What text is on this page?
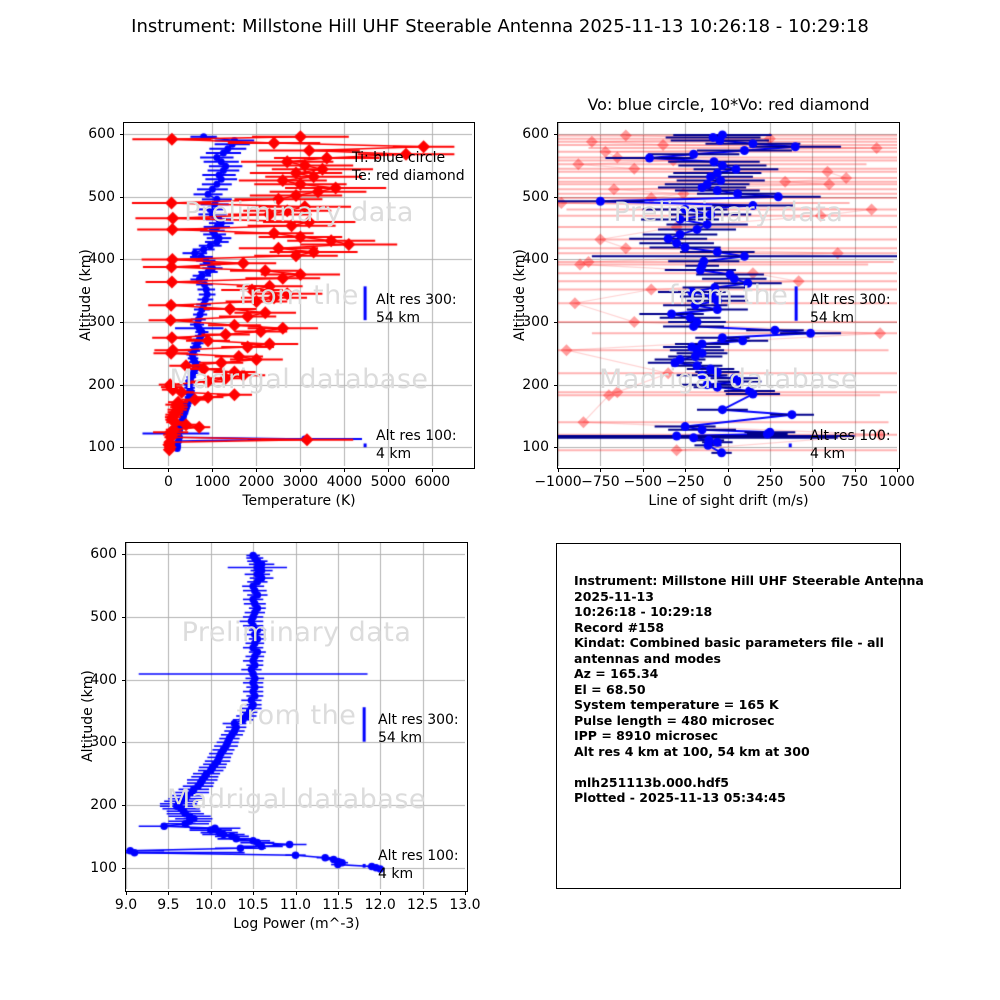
Instrument: Millstone Hill UHF Steerable Antenna 2025-11-13 10:26:18 - 10:29:18
Preliminary data
from the
Madrigal database
Ti: blue circle
Te: red diamond
Alt res 300:
54 km
Alt res 100:
4 km
Temperature (K)
Altitude (km)
0 1000 2000 3000 4000 5000 6000
100
200
300
400
500
600
Vo: blue circle, 10*Vo: red diamond
Preliminary data
from the
Madrigal database
Alt res 300:
54 km
Alt res 100:
4 km
Line of sight drift (m/s)
Altitude (km)
−1000 −750 −500 −250 0 250 500 750 1000
100
200
300
400
500
600
Preliminary data
from the
Madrigal database
Alt res 300:
54 km
Alt res 100:
4 km
Log Power (m^-3)
Altitude (km)
9.0 9.5 10.0 10.5 11.0 11.5 12.0 12.5 13.0
100
200
300
400
500
600
Instrument: Millstone Hill UHF Steerable Antenna
2025-11-13
10:26:18 - 10:29:18
Record #158
Kindat: Combined basic parameters file - all
antennas and modes
Az = 165.34
El = 68.50
System temperature = 165 K
Pulse length = 480 microsec
IPP = 8910 microsec
Alt res 4 km at 100, 54 km at 300

mlh251113b.000.hdf5
Plotted - 2025-11-13 05:34:45
